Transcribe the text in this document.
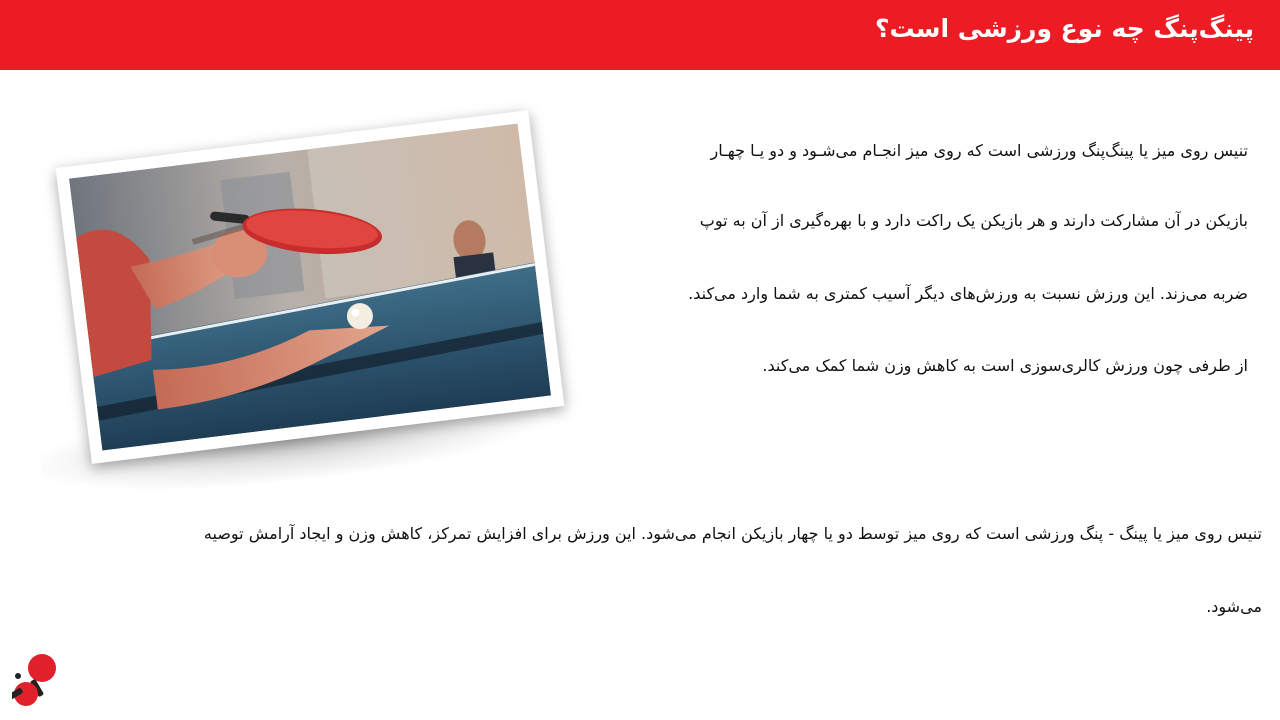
پینگ‌پنگ چه نوع ورزشی است؟
تنیس روی میز یا پینگ‌پنگ ورزشی است که روی میز انجـام می‌شـود و دو یـا چهـار
بازیکن در آن مشارکت دارند و هر بازیکن یک راکت دارد و با بهره‌گیری از آن به توپ
ضربه می‌زند. این ورزش نسبت به ورزش‌های دیگر آسیب کمتری به شما وارد می‌کند.
از طرفی چون ورزش کالری‌سوزی است به کاهش وزن شما کمک می‌کند.
تنیس روی میز یا پینگ - پنگ ورزشی است که روی میز توسط دو یا چهار بازیکن انجام می‌شود. این ورزش برای افزایش تمرکز، کاهش وزن و ایجاد آرامش توصیه
می‌شود.
